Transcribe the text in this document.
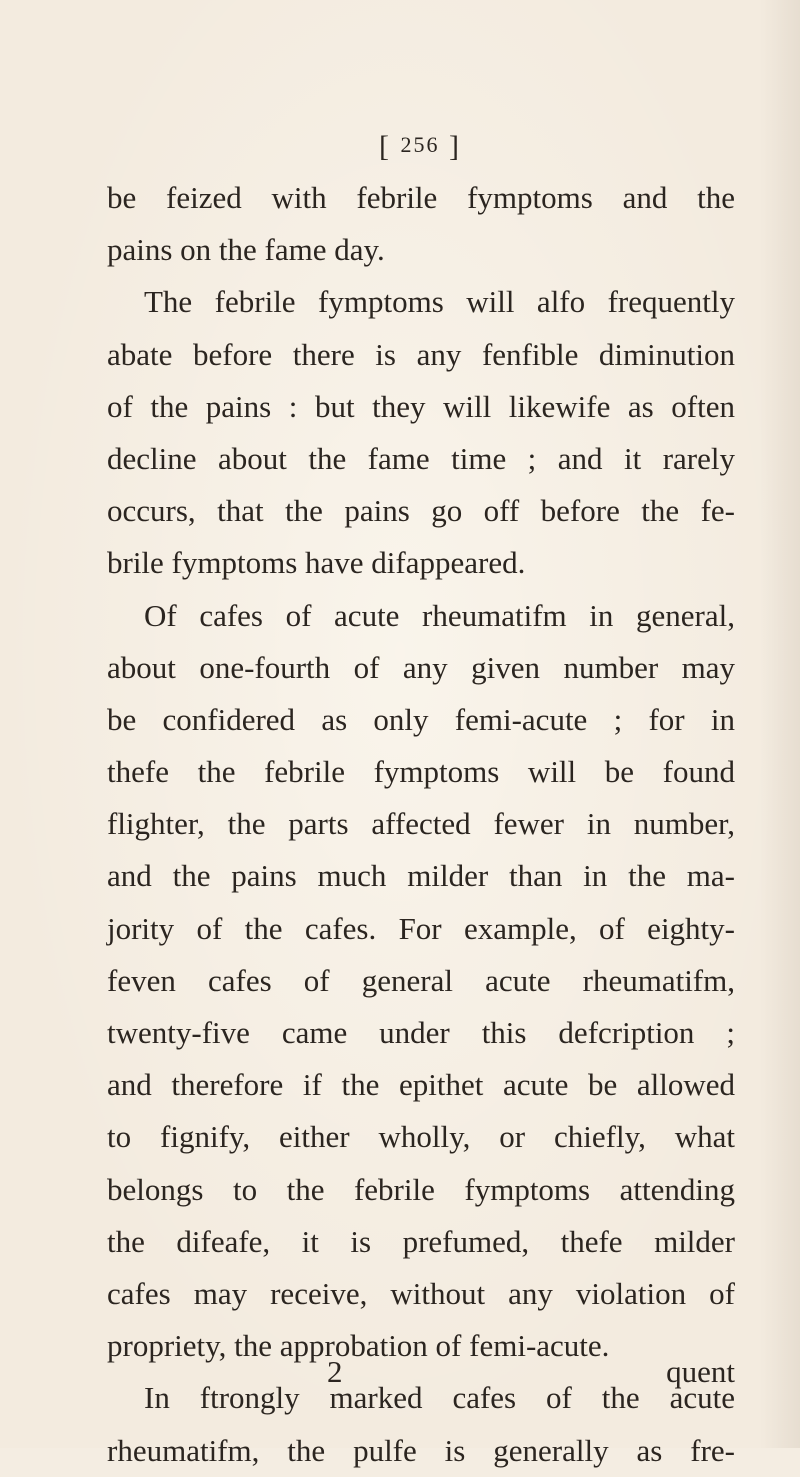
[ 256 ]
be feized with febrile fymptoms and the
pains on the fame day.
The febrile fymptoms will alfo frequently
abate before there is any fenfible diminution
of the pains : but they will likewife as often
decline about the fame time ; and it rarely
occurs, that the pains go off before the fe-
brile fymptoms have difappeared.
Of cafes of acute rheumatifm in general,
about one-fourth of any given number may
be confidered as only femi-acute ; for in
thefe the febrile fymptoms will be found
flighter, the parts affected fewer in number,
and the pains much milder than in the ma-
jority of the cafes. For example, of eighty-
feven cafes of general acute rheumatifm,
twenty-five came under this defcription ;
and therefore if the epithet acute be allowed
to fignify, either wholly, or chiefly, what
belongs to the febrile fymptoms attending
the difeafe, it is prefumed, thefe milder
cafes may receive, without any violation of
propriety, the approbation of femi-acute.
In ftrongly marked cafes of the acute
rheumatifm, the pulfe is generally as fre-
2	quent
